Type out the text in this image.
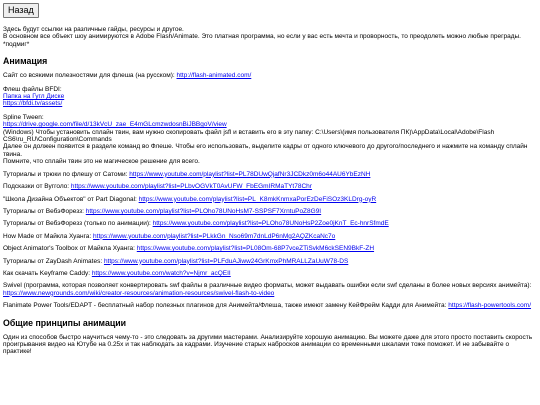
Назад

Здесь будут ссылки на различные гайды, ресурсы и другое.

В основном все объект шоу анимируются в Adobe Flash/Animate. Это платная программа, но если у вас есть мечта и проворность, то преодолеть можно любые преграды. *подмиг*

Анимация

Сайт со всякими полезностями для флеша (на русском): http://flash-animated.com/

Флеш файлы BFDI:

Папка на Гугл Диске

https://bfdi.tv/assets/

Spline Tween:

https://drive.google.com/file/d/13kVcU_zae_E4mGLcmzwdosnBiJBBgoV/view

(Windows) Чтобы установить сплайн твин, вам нужно скопировать файл jsfl и вставить его в эту папку: C:\Users\(имя пользователя ПК)\AppData\Local\Adobe\Flash CS6\ru_RU\Configuration\Commands

Далее он должен появится в разделе команд во Флеше. Чтобы его использовать, выделите кадры от одного ключевого до другого/последнего и нажмите на команду сплайн твина.

Помните, что сплайн твин это не магическое решение для всего.

Туториалы и трюки по флешу от Сатоми: https://www.youtube.com/playlist?list=PL78DUwQjafNr3JCDkz0m6o44AU6YbEzNH

Подсказки от Вугголо: https://www.youtube.com/playlist?list=PLbvOGVkT0AvUFW_FbEGmIRMaTYt78Chr

"Школа Дизайна Объектов" от Part Diagonal: https://www.youtube.com/playlist?list=PL_K8mkKnmxaPorEzDeFiSOz3KLDrg-oyR

Туториалы от ВебэФорезз: https://www.youtube.com/playlist?list=PLOho78UNoHsM7-SSPSF7XrntuPoZ8G9I

Туториалы от ВебэФорезз (только по анимации): https://www.youtube.com/playlist?list=PLOho78UNoHsP2Zoe0jKnT_Ec-hnrSfmdE

How Made от Майкла Хуанга: https://www.youtube.com/playlist?list=PLkkGn_Nso69m7dnLdP6nMg2AQZKcaNc7o

Object Animator's Toolbox от Майкла Хуанга: https://www.youtube.com/playlist?list=PL08Om-68P7vceZTiSvkM6ckSEN9BkF-ZH

Туториалы от ZayDash Animates: https://www.youtube.com/playlist?list=PLFduAJiww24GrKmxPhMRALLZaUuW78-DS

Как скачать Keyframe Caddy: https://www.youtube.com/watch?v=Njmr_acQEII

Swivel (программа, которая позволяет конвертировать swf файлы в различные видео форматы, может выдавать ошибки если swf сделаны в более новых версиях анимейта): https://www.newgrounds.com/wiki/creator-resources/animation-resources/swivel-flash-to-video

Flanimate Power Tools/EDAPT - бесплатный набор полезных плагинов для Анимейта/Флеша, также имеют замену КейФрейм Кадди для Анимейта: https://flash-powertools.com/

Общие принципы анимации

Один из способов быстро научиться чему-то - это следовать за другими мастерами. Анализируйте хорошую анимацию. Вы можете даже для этого просто поставить скорость проигрывания видео на Ютубе на 0.25x и так наблюдать за кадрами. Изучение старых набросков анимации со временными шкалами тоже поможет. И не забывайте о практике!
